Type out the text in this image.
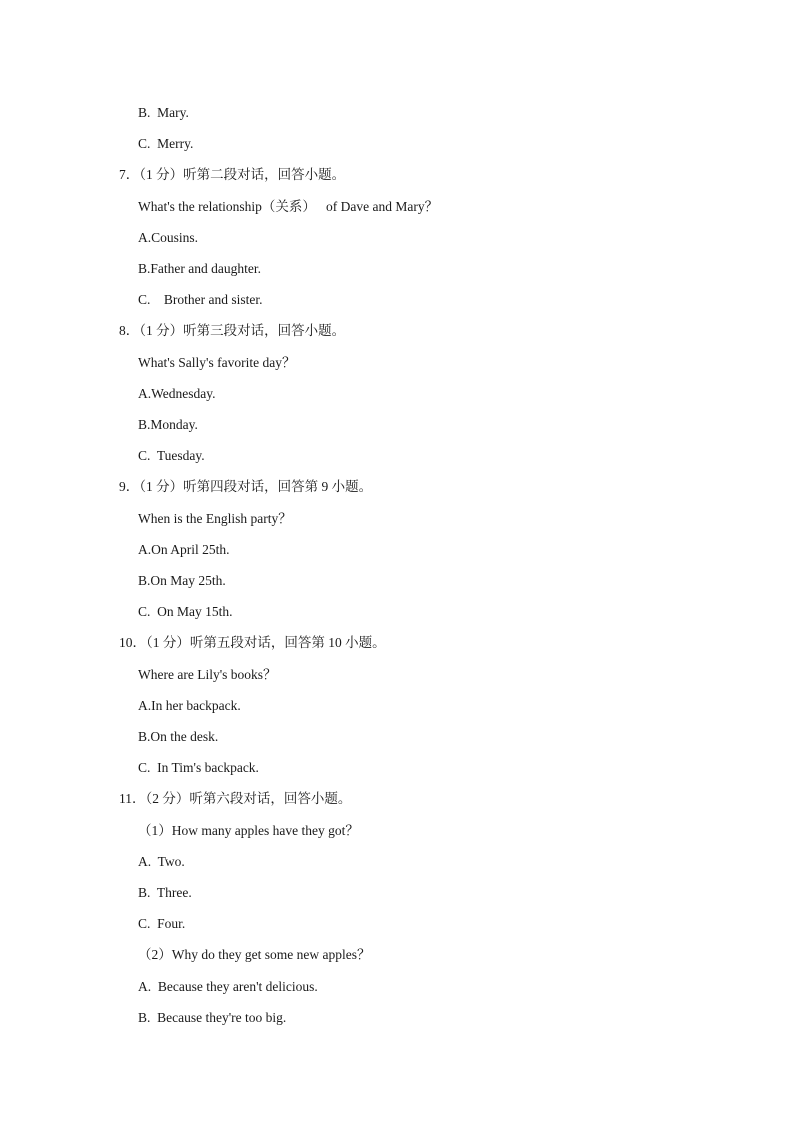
B.  Mary.
C.  Merry.
7．（1 分）听第二段对话，回答小题。
What's the relationship（关系）   of Dave and Mary？
A.Cousins.
B.Father and daughter.
C.    Brother and sister.
8．（1 分）听第三段对话，回答小题。
What's Sally's favorite day？
A.Wednesday.
B.Monday.
C.  Tuesday.
9．（1 分）听第四段对话，回答第 9 小题。
When is the English party？
A.On April 25th.
B.On May 25th.
C.  On May 15th.
10．（1 分）听第五段对话，回答第 10 小题。
Where are Lily's books？
A.In her backpack.
B.On the desk.
C.  In Tim's backpack.
11．（2 分）听第六段对话，回答小题。
（1）How many apples have they got？
A.  Two.
B.  Three.
C.  Four.
（2）Why do they get some new apples？
A.  Because they aren't delicious.
B.  Because they're too big.
